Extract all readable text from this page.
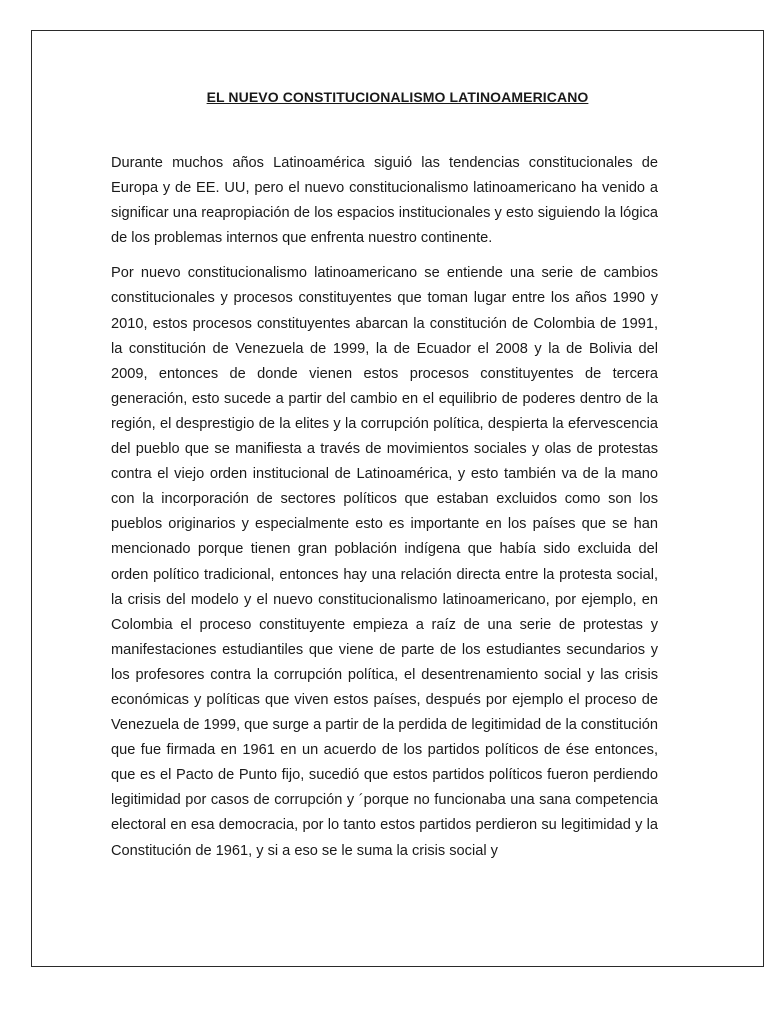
EL NUEVO CONSTITUCIONALISMO LATINOAMERICANO

Durante muchos años Latinoamérica siguió las tendencias constitucionales de Europa y de EE. UU, pero el nuevo constitucionalismo latinoamericano ha venido a significar una reapropiación de los espacios institucionales y esto siguiendo la lógica de los problemas internos que enfrenta nuestro continente.

Por nuevo constitucionalismo latinoamericano se entiende una serie de cambios constitucionales y procesos constituyentes que toman lugar entre los años 1990 y 2010, estos procesos constituyentes abarcan la constitución de Colombia de 1991, la constitución de Venezuela de 1999, la de Ecuador el 2008 y la de Bolivia del 2009, entonces de donde vienen estos procesos constituyentes de tercera generación, esto sucede a partir del cambio en el equilibrio de poderes dentro de la región, el desprestigio de la elites y la corrupción política, despierta la efervescencia del pueblo que se manifiesta a través de movimientos sociales y olas de protestas contra el viejo orden institucional de Latinoamérica, y esto también va de la mano con la incorporación de sectores políticos que estaban excluidos como son los pueblos originarios y especialmente esto es importante en los países que se han mencionado porque tienen gran población indígena que había sido excluida del orden político tradicional, entonces hay una relación directa entre la protesta social, la crisis del modelo y el nuevo constitucionalismo latinoamericano, por ejemplo, en Colombia el proceso constituyente empieza a raíz de una serie de protestas y manifestaciones estudiantiles que viene de parte de los estudiantes secundarios y los profesores contra la corrupción política, el desentrenamiento social y las crisis económicas y políticas que viven estos países, después por ejemplo el proceso de Venezuela de 1999, que surge a partir de la perdida de legitimidad de la constitución que fue firmada en 1961 en un acuerdo de los partidos políticos de ése entonces, que es el Pacto de Punto fijo, sucedió que estos partidos políticos fueron perdiendo legitimidad por casos de corrupción y ´porque no funcionaba una sana competencia electoral en esa democracia, por lo tanto estos partidos perdieron su legitimidad y la Constitución de 1961, y si a eso se le suma la crisis social y
